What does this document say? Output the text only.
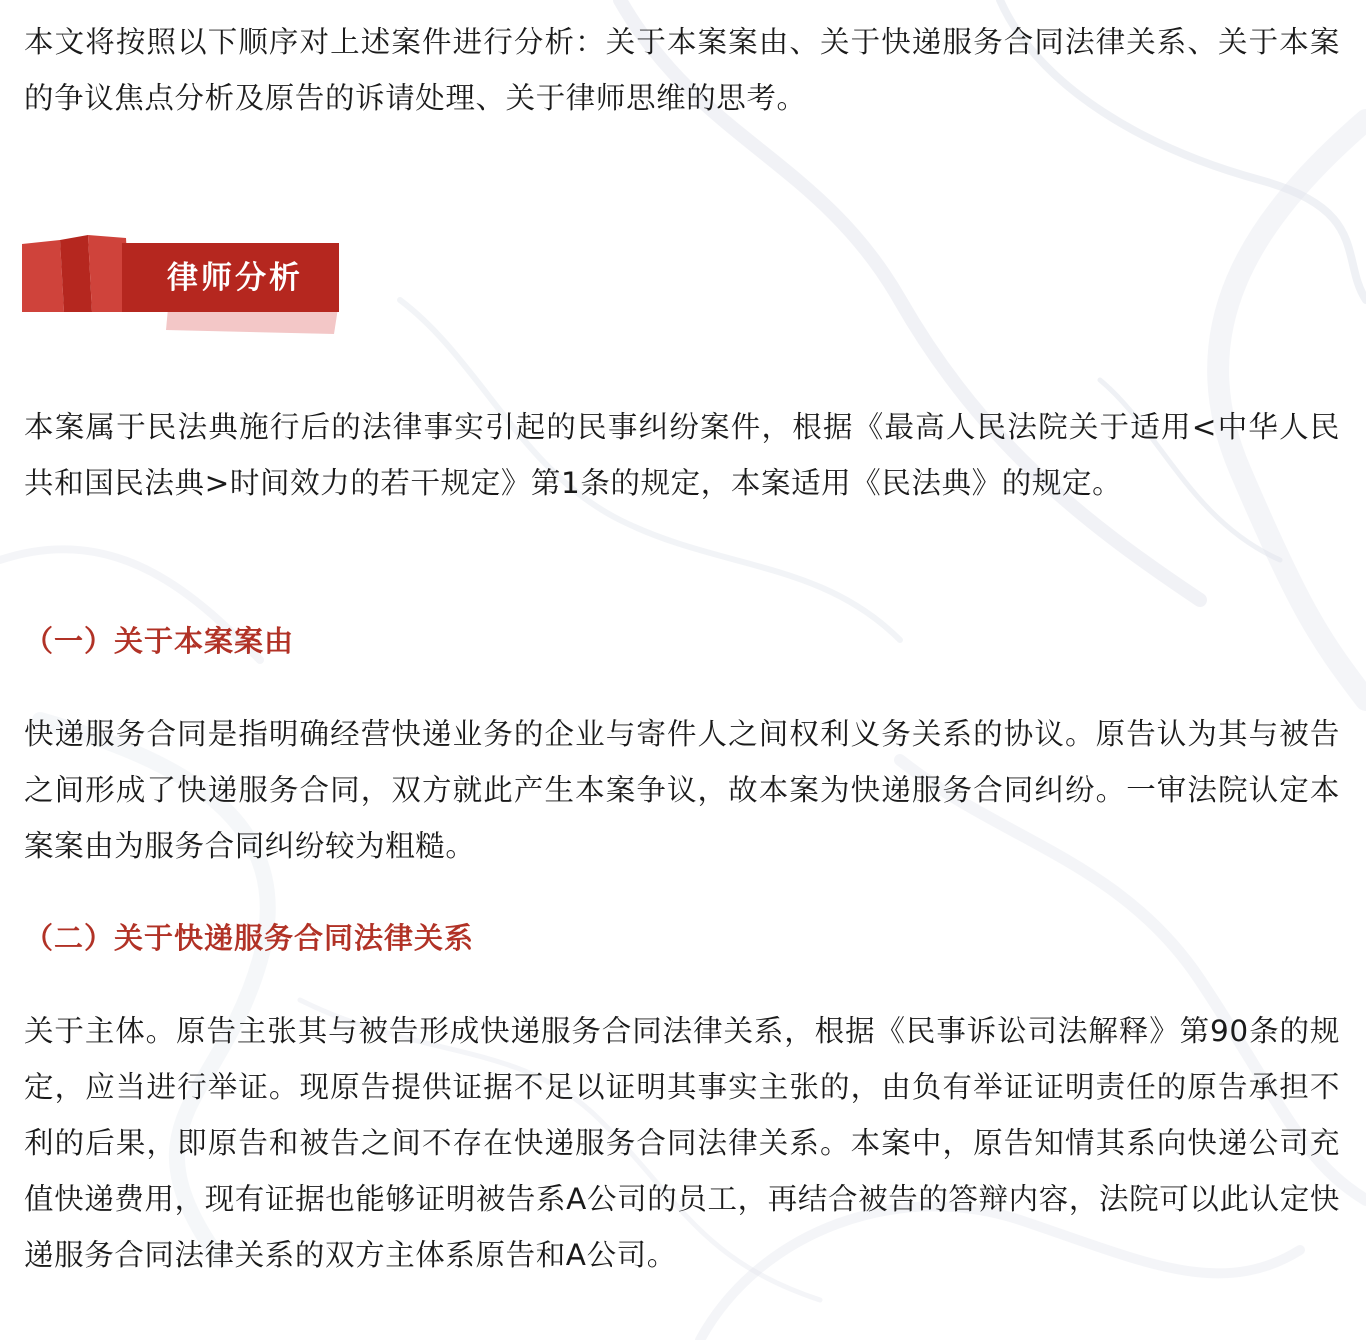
律师分析

本文将按照以下顺序对上述案件进行分析：关于本案案由、关于快递服务合同法律关系、关于本案的争议焦点分析及原告的诉请处理、关于律师思维的思考。

本案属于民法典施行后的法律事实引起的民事纠纷案件，根据《最高人民法院关于适用<中华人民共和国民法典>时间效力的若干规定》第1条的规定，本案适用《民法典》的规定。

（一）关于本案案由

快递服务合同是指明确经营快递业务的企业与寄件人之间权利义务关系的协议。原告认为其与被告之间形成了快递服务合同，双方就此产生本案争议，故本案为快递服务合同纠纷。一审法院认定本案案由为服务合同纠纷较为粗糙。

（二）关于快递服务合同法律关系

关于主体。原告主张其与被告形成快递服务合同法律关系，根据《民事诉讼司法解释》第90条的规定，应当进行举证。现原告提供证据不足以证明其事实主张的，由负有举证证明责任的原告承担不利的后果，即原告和被告之间不存在快递服务合同法律关系。本案中，原告知情其系向快递公司充值快递费用，现有证据也能够证明被告系A公司的员工，再结合被告的答辩内容，法院可以此认定快递服务合同法律关系的双方主体系原告和A公司。
